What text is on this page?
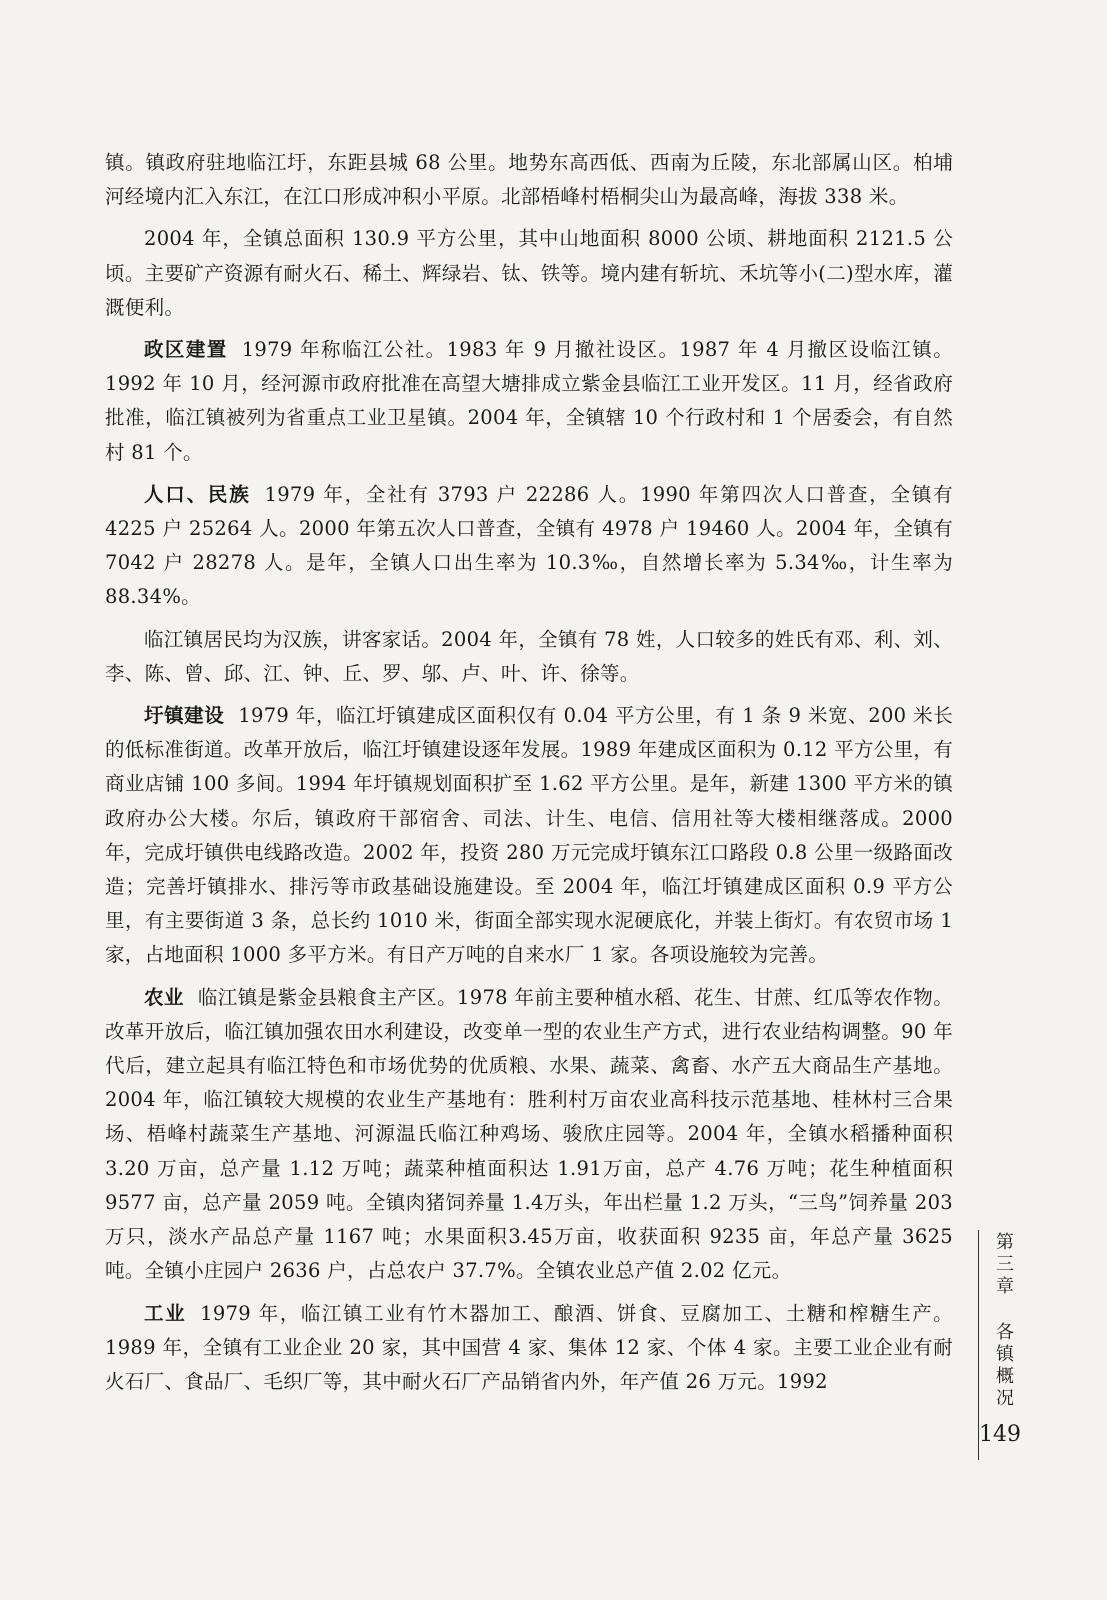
镇。镇政府驻地临江圩，东距县城 68 公里。地势东高西低、西南为丘陵，东北部属山区。柏埔河经境内汇入东江，在江口形成冲积小平原。北部梧峰村梧桐尖山为最高峰，海拔 338 米。

2004 年，全镇总面积 130.9 平方公里，其中山地面积 8000 公顷、耕地面积 2121.5 公顷。主要矿产资源有耐火石、稀土、辉绿岩、钛、铁等。境内建有斩坑、禾坑等小(二)型水库，灌溉便利。

政区建置 1979 年称临江公社。1983 年 9 月撤社设区。1987 年 4 月撤区设临江镇。1992 年 10 月，经河源市政府批准在高望大塘排成立紫金县临江工业开发区。11 月，经省政府批准，临江镇被列为省重点工业卫星镇。2004 年，全镇辖 10 个行政村和 1 个居委会，有自然村 81 个。

人口、民族 1979 年，全社有 3793 户 22286 人。1990 年第四次人口普查，全镇有 4225 户 25264 人。2000 年第五次人口普查，全镇有 4978 户 19460 人。2004 年，全镇有 7042 户 28278 人。是年，全镇人口出生率为 10.3‰，自然增长率为 5.34‰，计生率为 88.34%。

临江镇居民均为汉族，讲客家话。2004 年，全镇有 78 姓，人口较多的姓氏有邓、利、刘、李、陈、曾、邱、江、钟、丘、罗、邬、卢、叶、许、徐等。

圩镇建设 1979 年，临江圩镇建成区面积仅有 0.04 平方公里，有 1 条 9 米宽、200 米长的低标准街道。改革开放后，临江圩镇建设逐年发展。1989 年建成区面积为 0.12 平方公里，有商业店铺 100 多间。1994 年圩镇规划面积扩至 1.62 平方公里。是年，新建 1300 平方米的镇政府办公大楼。尔后，镇政府干部宿舍、司法、计生、电信、信用社等大楼相继落成。2000 年，完成圩镇供电线路改造。2002 年，投资 280 万元完成圩镇东江口路段 0.8 公里一级路面改造；完善圩镇排水、排污等市政基础设施建设。至 2004 年，临江圩镇建成区面积 0.9 平方公里，有主要街道 3 条，总长约 1010 米，街面全部实现水泥硬底化，并装上街灯。有农贸市场 1 家，占地面积 1000 多平方米。有日产万吨的自来水厂 1 家。各项设施较为完善。

农业 临江镇是紫金县粮食主产区。1978 年前主要种植水稻、花生、甘蔗、红瓜等农作物。改革开放后，临江镇加强农田水利建设，改变单一型的农业生产方式，进行农业结构调整。90 年代后，建立起具有临江特色和市场优势的优质粮、水果、蔬菜、禽畜、水产五大商品生产基地。2004 年，临江镇较大规模的农业生产基地有：胜利村万亩农业高科技示范基地、桂林村三合果场、梧峰村蔬菜生产基地、河源温氏临江种鸡场、骏欣庄园等。2004 年，全镇水稻播种面积 3.20 万亩，总产量 1.12 万吨；蔬菜种植面积达 1.91万亩，总产 4.76 万吨；花生种植面积 9577 亩，总产量 2059 吨。全镇肉猪饲养量 1.4万头，年出栏量 1.2 万头，“三鸟”饲养量 203 万只，淡水产品总产量 1167 吨；水果面积3.45万亩，收获面积 9235 亩，年总产量 3625 吨。全镇小庄园户 2636 户，占总农户 37.7%。全镇农业总产值 2.02 亿元。

工业 1979 年，临江镇工业有竹木器加工、酿酒、饼食、豆腐加工、土糖和榨糖生产。1989 年，全镇有工业企业 20 家，其中国营 4 家、集体 12 家、个体 4 家。主要工业企业有耐火石厂、食品厂、毛织厂等，其中耐火石厂产品销省内外，年产值 26 万元。1992

第
三
章
各
镇
概
况
149
